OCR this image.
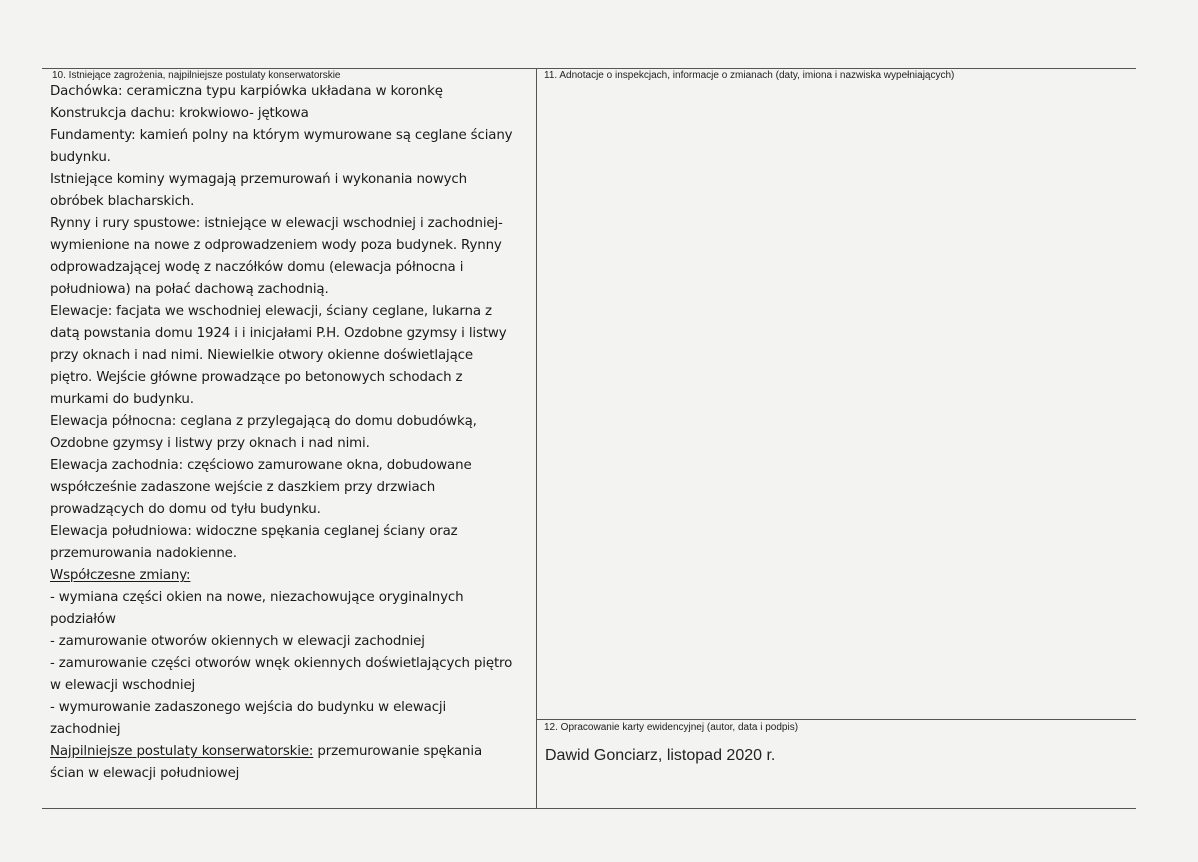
10. Istniejące zagrożenia, najpilniejsze postulaty konserwatorskie
Dachówka: ceramiczna typu karpiówka układana w koronkę
Konstrukcja dachu: krokwiowo- jętkowa
Fundamenty: kamień polny na którym wymurowane są ceglane ściany
budynku.
Istniejące kominy wymagają przemurowań i wykonania nowych
obróbek blacharskich.
Rynny i rury spustowe: istniejące w elewacji wschodniej i zachodniej-
wymienione na nowe z odprowadzeniem wody poza budynek. Rynny
odprowadzającej wodę z naczółków domu (elewacja północna i
południowa) na połać dachową zachodnią.
Elewacje: facjata we wschodniej elewacji, ściany ceglane, lukarna z
datą powstania domu 1924 i i inicjałami P.H. Ozdobne gzymsy i listwy
przy oknach i nad nimi. Niewielkie otwory okienne doświetlające
piętro. Wejście główne prowadzące po betonowych schodach z
murkami do budynku.
Elewacja północna: ceglana z przylegającą do domu dobudówką,
Ozdobne gzymsy i listwy przy oknach i nad nimi.
Elewacja zachodnia: częściowo zamurowane okna, dobudowane
współcześnie zadaszone wejście z daszkiem przy drzwiach
prowadzących do domu od tyłu budynku.
Elewacja południowa: widoczne spękania ceglanej ściany oraz
przemurowania nadokienne.
Współczesne zmiany:
- wymiana części okien na nowe, niezachowujące oryginalnych
podziałów
- zamurowanie otworów okiennych w elewacji zachodniej
- zamurowanie części otworów wnęk okiennych doświetlających piętro
w elewacji wschodniej
- wymurowanie zadaszonego wejścia do budynku w elewacji
zachodniej
Najpilniejsze postulaty konserwatorskie: przemurowanie spękania
ścian w elewacji południowej
11. Adnotacje o inspekcjach, informacje o zmianach (daty, imiona i nazwiska wypełniających)
12. Opracowanie karty ewidencyjnej (autor, data i podpis)
Dawid Gonciarz, listopad 2020 r.
